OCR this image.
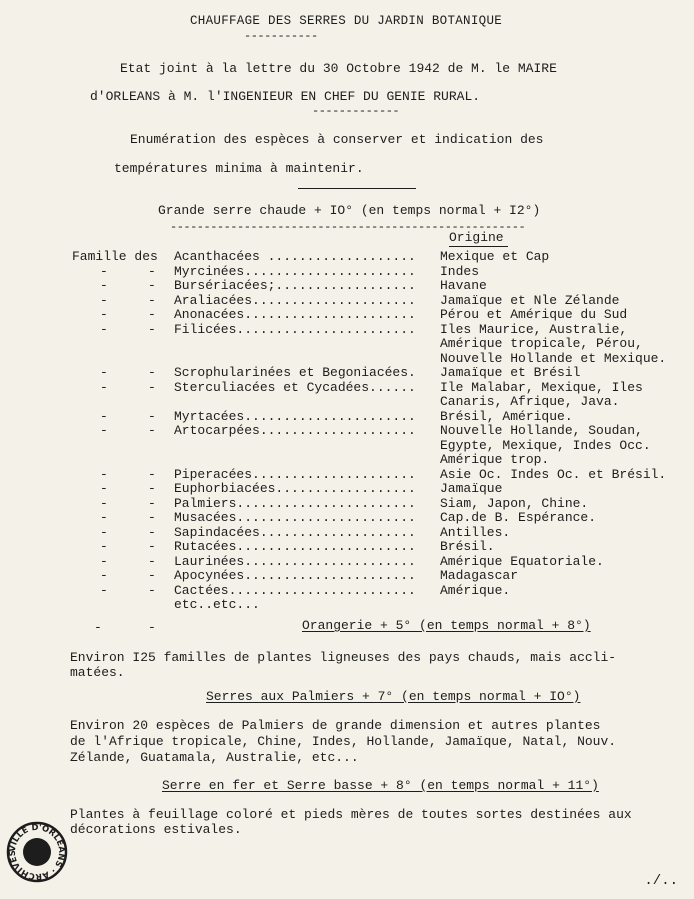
CHAUFFAGE DES SERRES DU JARDIN BOTANIQUE
-----------
Etat joint à la lettre du 30 Octobre 1942 de M. le MAIRE
d'ORLEANS à M. l'INGENIEUR EN CHEF DU GENIE RURAL.
-------------
Enumération des espèces à conserver et indication des
températures minima à maintenir.
Grande serre chaude + IO° (en temps normal + I2°)
-----------------------------------------------------
Origine
Famille des Acanthacées ................... Mexique et Cap
-	- Myrcinées...................... Indes
-	- Bursériacées;.................. Havane
-	- Araliacées..................... Jamaïque et Nle Zélande
-	- Anonacées...................... Pérou et Amérique du Sud
-	- Filicées....................... Iles Maurice, Australie,
Amérique tropicale, Pérou,
Nouvelle Hollande et Mexique.
-	- Scrophularinées et Begoniacées. Jamaïque et Brésil
-	- Sterculiacées et Cycadées...... Ile Malabar, Mexique, Iles
Canaris, Afrique, Java.
-	- Myrtacées...................... Brésil, Amérique.
-	- Artocarpées.................... Nouvelle Hollande, Soudan,
Egypte, Mexique, Indes Occ.
Amérique trop.
-	- Piperacées..................... Asie Oc. Indes Oc. et Brésil.
-	- Euphorbiacées.................. Jamaïque
-	- Palmiers....................... Siam, Japon, Chine.
-	- Musacées....................... Cap.de B. Espérance.
-	- Sapindacées.................... Antilles.
-	- Rutacées....................... Brésil.
-	- Laurinées...................... Amérique Equatoriale.
-	- Apocynées...................... Madagascar
-	- Cactées........................ Amérique.
etc..etc...
-	-	Orangerie + 5° (en temps normal + 8°)
Environ I25 familles de plantes ligneuses des pays chauds, mais accli-
matées.
Serres aux Palmiers + 7° (en temps normal + IO°)
Environ 20 espèces de Palmiers de grande dimension et autres plantes
de l'Afrique tropicale, Chine, Indes, Hollande, Jamaïque, Natal, Nouv.
Zélande, Guatamala, Australie, etc...
Serre en fer et Serre basse + 8° (en temps normal + 11°)
Plantes à feuillage coloré et pieds mères de toutes sortes destinées aux
décorations estivales.
VILLE D'ORLÉANS · ARCHIVES
./..
